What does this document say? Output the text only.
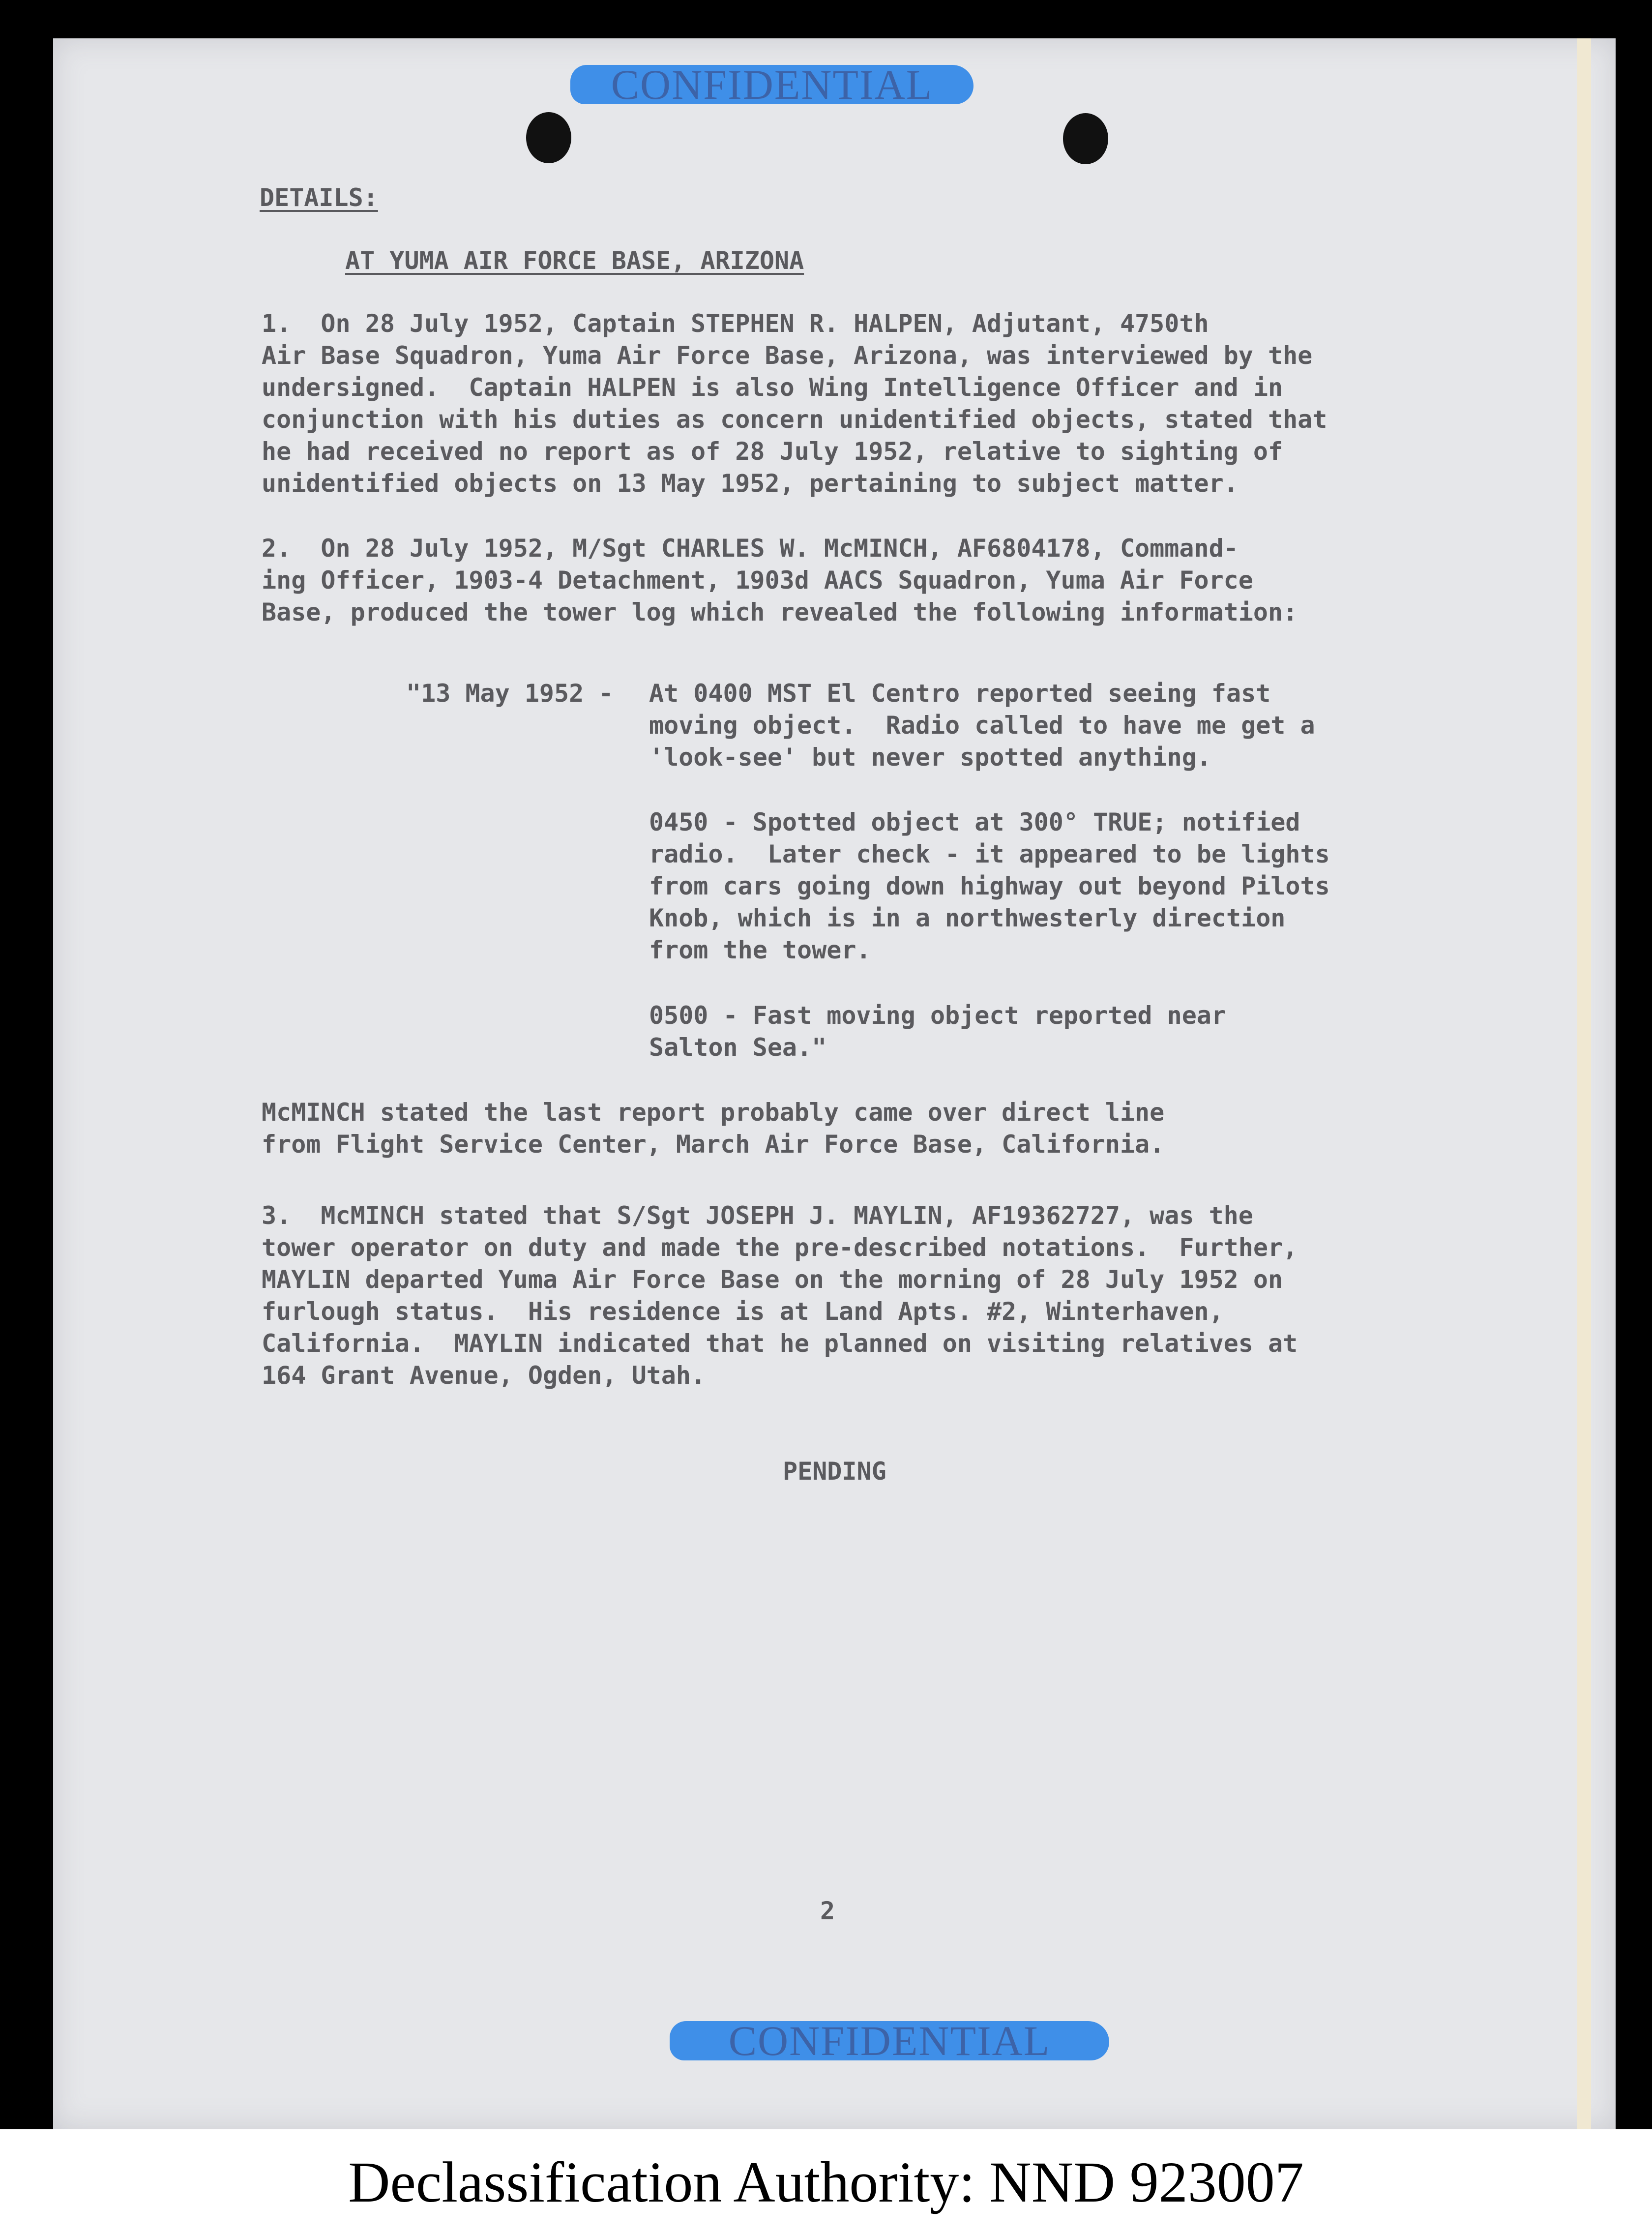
CONFIDENTIAL

DETAILS:

AT YUMA AIR FORCE BASE, ARIZONA

1.  On 28 July 1952, Captain STEPHEN R. HALPEN, Adjutant, 4750th
Air Base Squadron, Yuma Air Force Base, Arizona, was interviewed by the
undersigned.  Captain HALPEN is also Wing Intelligence Officer and in
conjunction with his duties as concern unidentified objects, stated that
he had received no report as of 28 July 1952, relative to sighting of
unidentified objects on 13 May 1952, pertaining to subject matter.

2.  On 28 July 1952, M/Sgt CHARLES W. McMINCH, AF6804178, Command-
ing Officer, 1903-4 Detachment, 1903d AACS Squadron, Yuma Air Force
Base, produced the tower log which revealed the following information:

"13 May 1952 - At 0400 MST El Centro reported seeing fast
moving object.  Radio called to have me get a
'look-see' but never spotted anything.

0450 - Spotted object at 300° TRUE; notified
radio.  Later check - it appeared to be lights
from cars going down highway out beyond Pilots
Knob, which is in a northwesterly direction
from the tower.

0500 - Fast moving object reported near
Salton Sea."

McMINCH stated the last report probably came over direct line
from Flight Service Center, March Air Force Base, California.

3.  McMINCH stated that S/Sgt JOSEPH J. MAYLIN, AF19362727, was the
tower operator on duty and made the pre-described notations.  Further,
MAYLIN departed Yuma Air Force Base on the morning of 28 July 1952 on
furlough status.  His residence is at Land Apts. #2, Winterhaven,
California.  MAYLIN indicated that he planned on visiting relatives at
164 Grant Avenue, Ogden, Utah.

PENDING

2

CONFIDENTIAL
Declassification Authority: NND 923007
